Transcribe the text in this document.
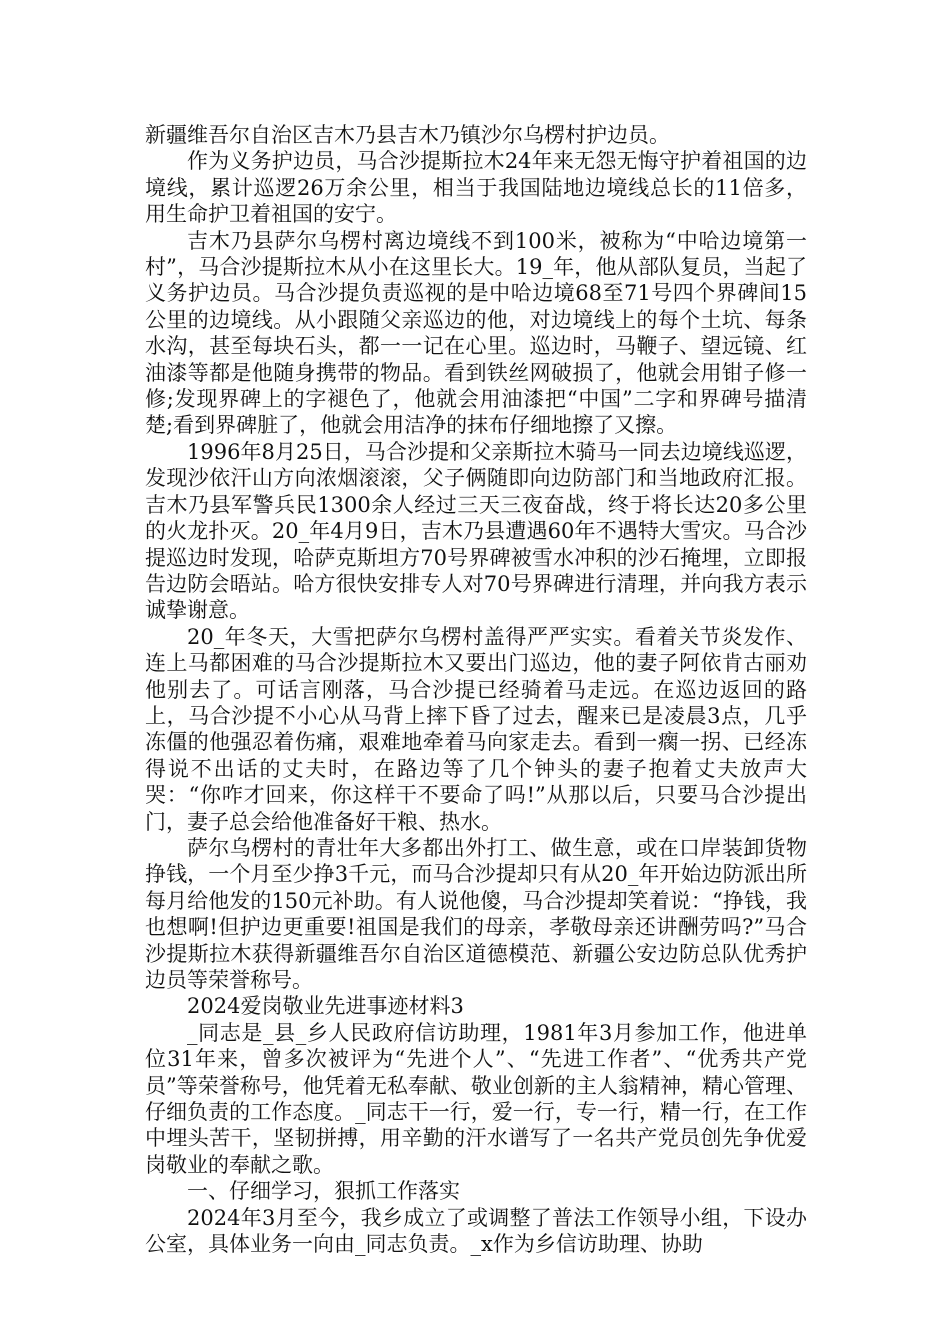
新疆维吾尔自治区吉木乃县吉木乃镇沙尔乌楞村护边员。

作为义务护边员，马合沙提斯拉木24年来无怨无悔守护着祖国的边境线，累计巡逻26万余公里，相当于我国陆地边境线总长的11倍多，用生命护卫着祖国的安宁。

吉木乃县萨尔乌楞村离边境线不到100米，被称为“中哈边境第一村”，马合沙提斯拉木从小在这里长大。19_年，他从部队复员，当起了义务护边员。马合沙提负责巡视的是中哈边境68至71号四个界碑间15公里的边境线。从小跟随父亲巡边的他，对边境线上的每个土坑、每条水沟，甚至每块石头，都一一记在心里。巡边时，马鞭子、望远镜、红油漆等都是他随身携带的物品。看到铁丝网破损了，他就会用钳子修一修;发现界碑上的字褪色了，他就会用油漆把“中国”二字和界碑号描清楚;看到界碑脏了，他就会用洁净的抹布仔细地擦了又擦。

1996年8月25日，马合沙提和父亲斯拉木骑马一同去边境线巡逻，发现沙依汗山方向浓烟滚滚，父子俩随即向边防部门和当地政府汇报。吉木乃县军警兵民1300余人经过三天三夜奋战，终于将长达20多公里的火龙扑灭。20_年4月9日，吉木乃县遭遇60年不遇特大雪灾。马合沙提巡边时发现，哈萨克斯坦方70号界碑被雪水冲积的沙石掩埋，立即报告边防会晤站。哈方很快安排专人对70号界碑进行清理，并向我方表示诚挚谢意。

20_年冬天，大雪把萨尔乌楞村盖得严严实实。看着关节炎发作、连上马都困难的马合沙提斯拉木又要出门巡边，他的妻子阿依肯古丽劝他别去了。可话言刚落，马合沙提已经骑着马走远。在巡边返回的路上，马合沙提不小心从马背上摔下昏了过去，醒来已是凌晨3点，几乎冻僵的他强忍着伤痛，艰难地牵着马向家走去。看到一瘸一拐、已经冻得说不出话的丈夫时，在路边等了几个钟头的妻子抱着丈夫放声大哭：“你咋才回来，你这样干不要命了吗!”从那以后，只要马合沙提出门，妻子总会给他准备好干粮、热水。

萨尔乌楞村的青壮年大多都出外打工、做生意，或在口岸装卸货物挣钱，一个月至少挣3千元，而马合沙提却只有从20_年开始边防派出所每月给他发的150元补助。有人说他傻，马合沙提却笑着说：“挣钱，我也想啊!但护边更重要!祖国是我们的母亲，孝敬母亲还讲酬劳吗?”马合沙提斯拉木获得新疆维吾尔自治区道德模范、新疆公安边防总队优秀护边员等荣誉称号。

2024爱岗敬业先进事迹材料3

_同志是_县_乡人民政府信访助理，1981年3月参加工作，他进单位31年来，曾多次被评为“先进个人”、“先进工作者”、“优秀共产党员”等荣誉称号，他凭着无私奉献、敬业创新的主人翁精神，精心管理、仔细负责的工作态度。_同志干一行，爱一行，专一行，精一行，在工作中埋头苦干，坚韧拼搏，用辛勤的汗水谱写了一名共产党员创先争优爱岗敬业的奉献之歌。

一、仔细学习，狠抓工作落实

2024年3月至今，我乡成立了或调整了普法工作领导小组，下设办公室，具体业务一向由_同志负责。_x作为乡信访助理、协助
